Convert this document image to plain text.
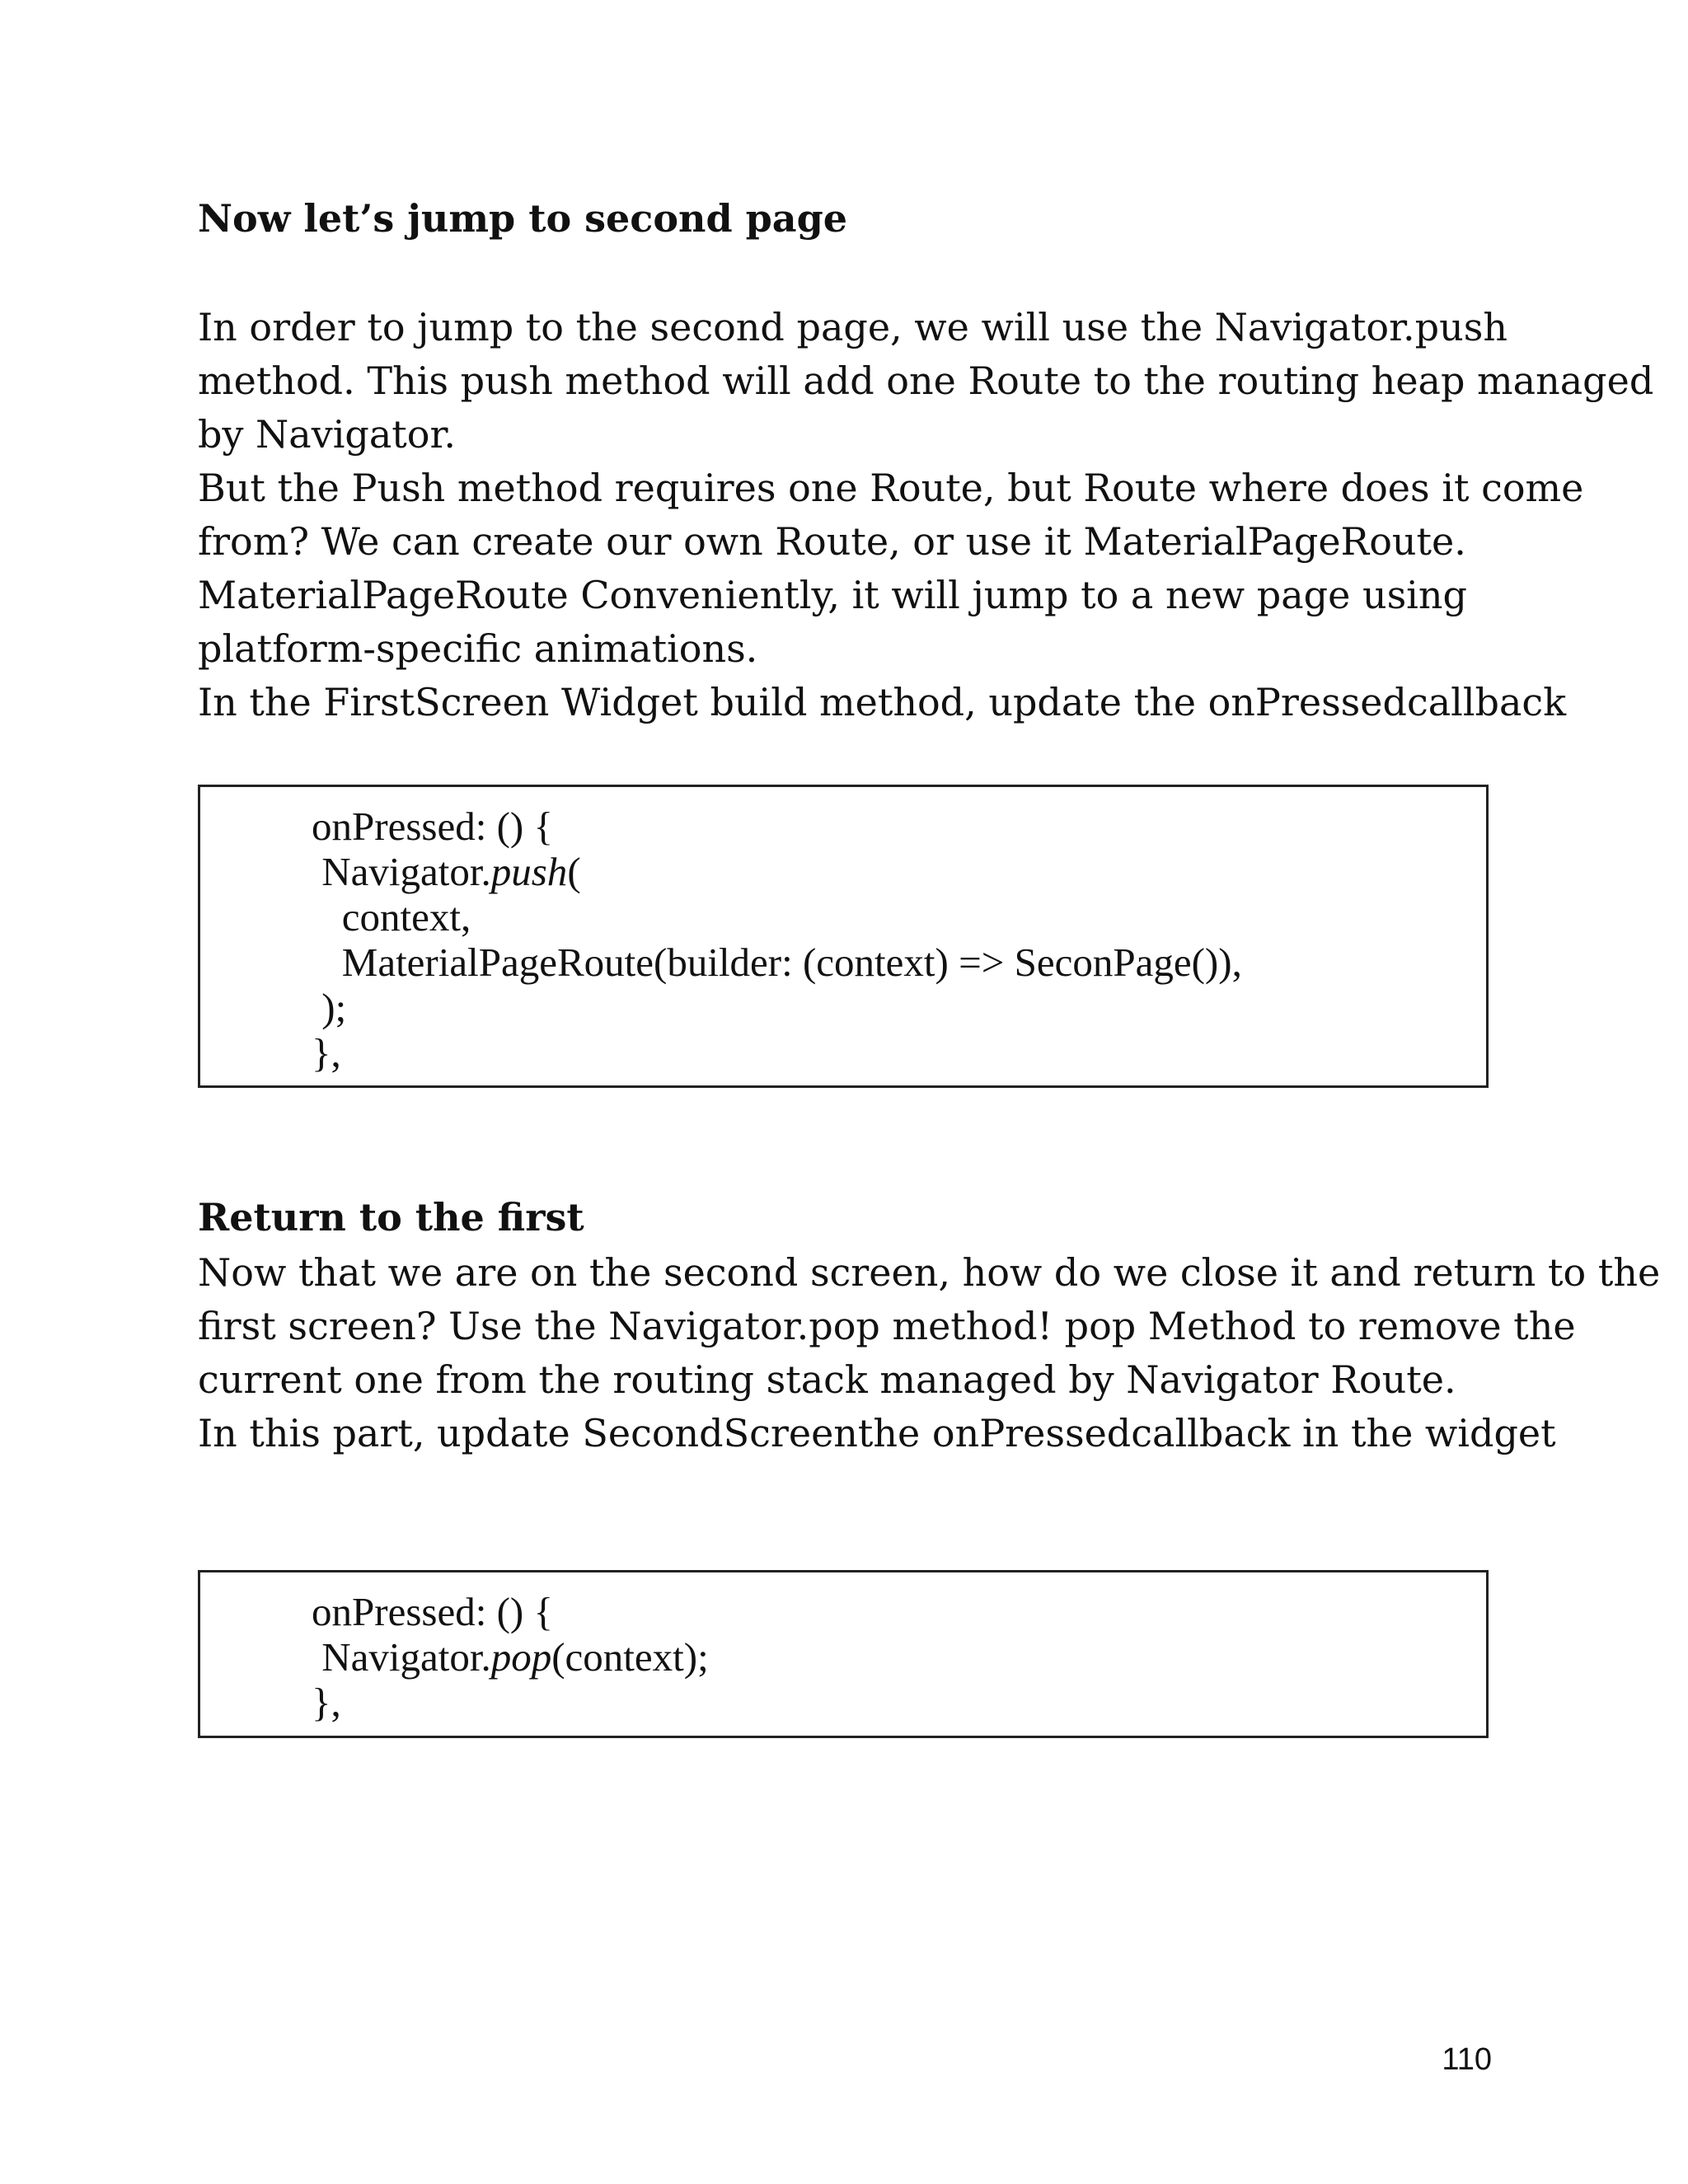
Now let’s jump to second page

In order to jump to the second page, we will use the Navigator.push

method. This push method will add one Route to the routing heap managed

by Navigator.

But the Push method requires one Route, but Route where does it come

from? We can create our own Route, or use it MaterialPageRoute.

MaterialPageRoute Conveniently, it will jump to a new page using

platform-specific animations.

In the FirstScreen Widget build method, update the onPressedcallback

onPressed: () {
Navigator.push(
context,
MaterialPageRoute(builder: (context) => SeconPage()),
);
},
Return to the first

Now that we are on the second screen, how do we close it and return to the

first screen? Use the Navigator.pop method! pop Method to remove the

current one from the routing stack managed by Navigator Route.

In this part, update SecondScreenthe onPressedcallback in the widget

onPressed: () {
Navigator.pop(context);
},
110
